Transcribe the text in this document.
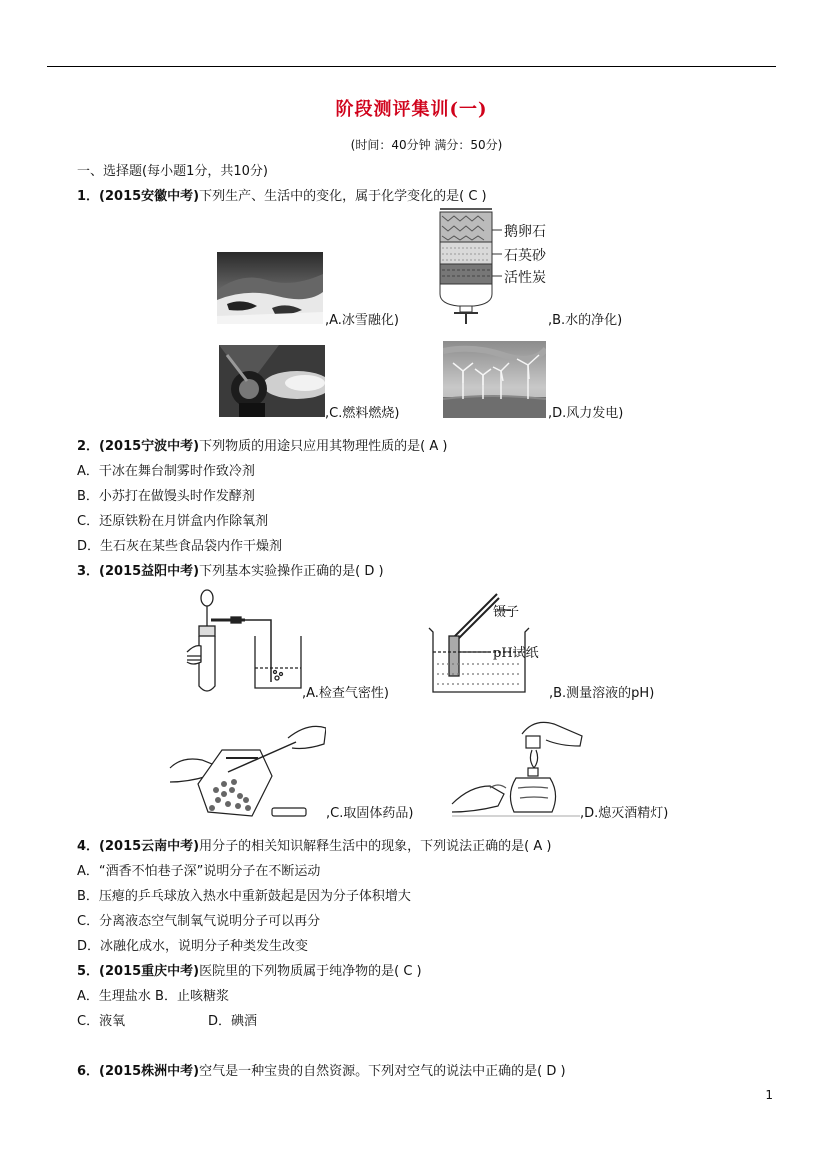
阶段测评集训(一)
(时间：40分钟 满分：50分)
一、选择题(每小题1分，共10分)
1．(2015安徽中考)下列生产、生活中的变化，属于化学变化的是( C )
,A.冰雪融化)
鹅卵石
石英砂
活性炭
,B.水的净化)
,C.燃料燃烧)	,D.风力发电)
2．(2015宁波中考)下列物质的用途只应用其物理性质的是( A )
A．干冰在舞台制雾时作致冷剂
B．小苏打在做馒头时作发酵剂
C．还原铁粉在月饼盒内作除氧剂
D．生石灰在某些食品袋内作干燥剂
3．(2015益阳中考)下列基本实验操作正确的是( D )
,A.检查气密性)
镊子
pH试纸
,B.测量溶液的pH)
,C.取固体药品)	,D.熄灭酒精灯)
4．(2015云南中考)用分子的相关知识解释生活中的现象，下列说法正确的是( A )
A．“酒香不怕巷子深”说明分子在不断运动
B．压瘪的乒乓球放入热水中重新鼓起是因为分子体积增大
C．分离液态空气制氧气说明分子可以再分
D．冰融化成水，说明分子种类发生改变
5．(2015重庆中考)医院里的下列物质属于纯净物的是( C )
A．生理盐水 B．止咳糖浆
C．液氧	D．碘酒
6．(2015株洲中考)空气是一种宝贵的自然资源。下列对空气的说法中正确的是( D )
1
